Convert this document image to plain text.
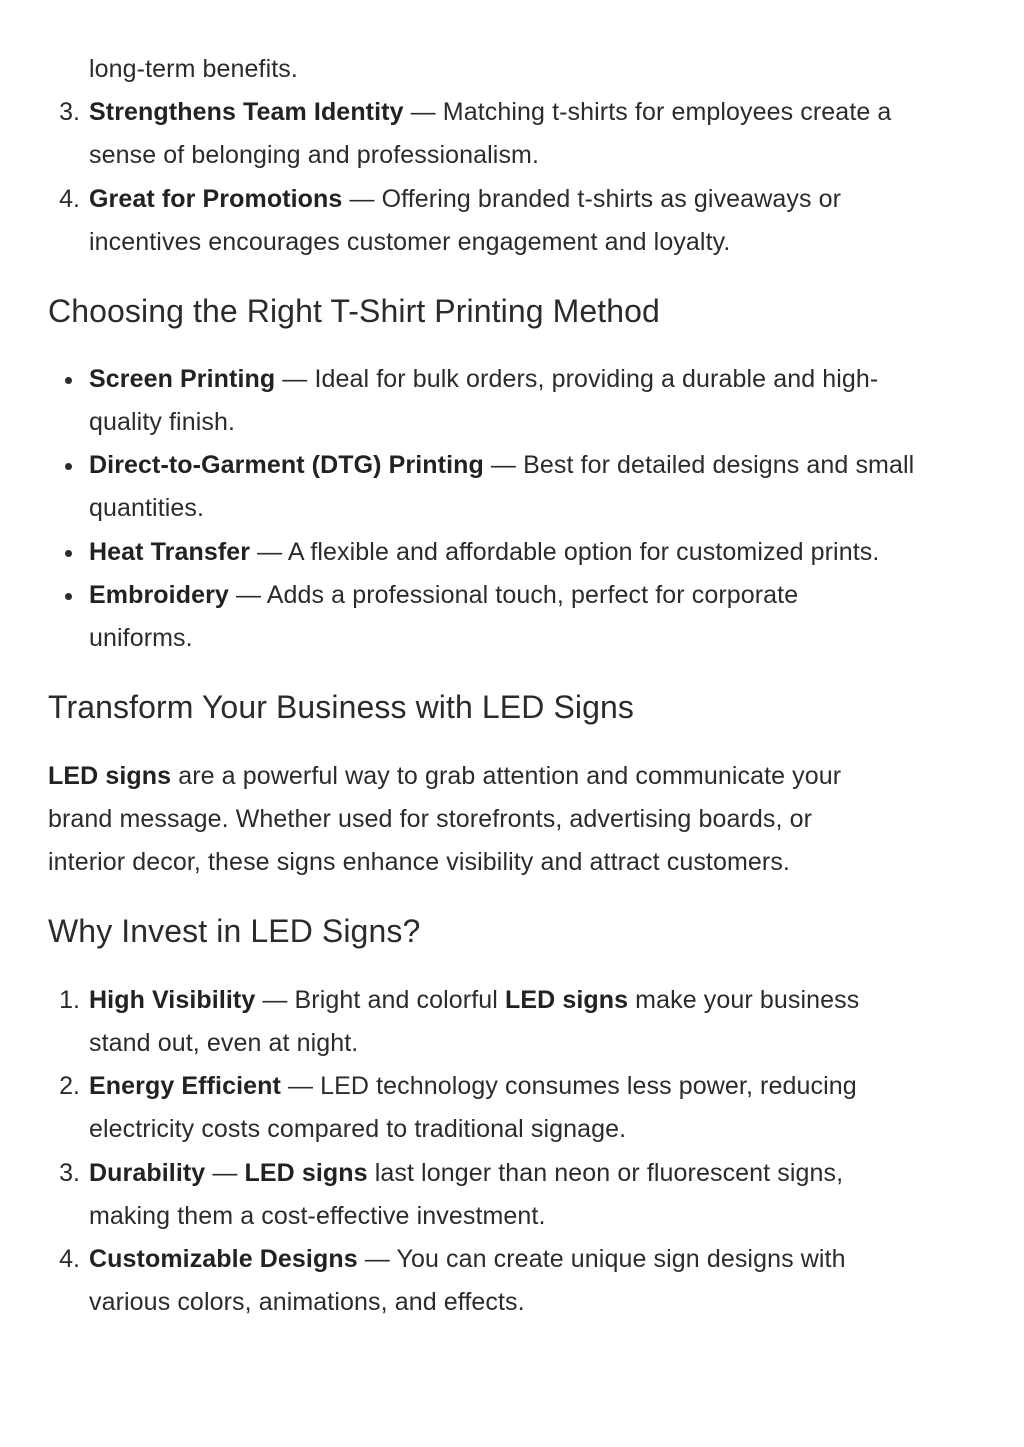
long-term benefits.
3. Strengthens Team Identity — Matching t-shirts for employees create a
sense of belonging and professionalism.
4. Great for Promotions — Offering branded t-shirts as giveaways or
incentives encourages customer engagement and loyalty.
Choosing the Right T-Shirt Printing Method
Screen Printing — Ideal for bulk orders, providing a durable and high-
quality finish.
Direct-to-Garment (DTG) Printing — Best for detailed designs and small
quantities.
Heat Transfer — A flexible and affordable option for customized prints.
Embroidery — Adds a professional touch, perfect for corporate
uniforms.
Transform Your Business with LED Signs
LED signs are a powerful way to grab attention and communicate your
brand message. Whether used for storefronts, advertising boards, or
interior decor, these signs enhance visibility and attract customers.
Why Invest in LED Signs?
1. High Visibility — Bright and colorful LED signs make your business
stand out, even at night.
2. Energy Efficient — LED technology consumes less power, reducing
electricity costs compared to traditional signage.
3. Durability — LED signs last longer than neon or fluorescent signs,
making them a cost-effective investment.
4. Customizable Designs — You can create unique sign designs with
various colors, animations, and effects.
